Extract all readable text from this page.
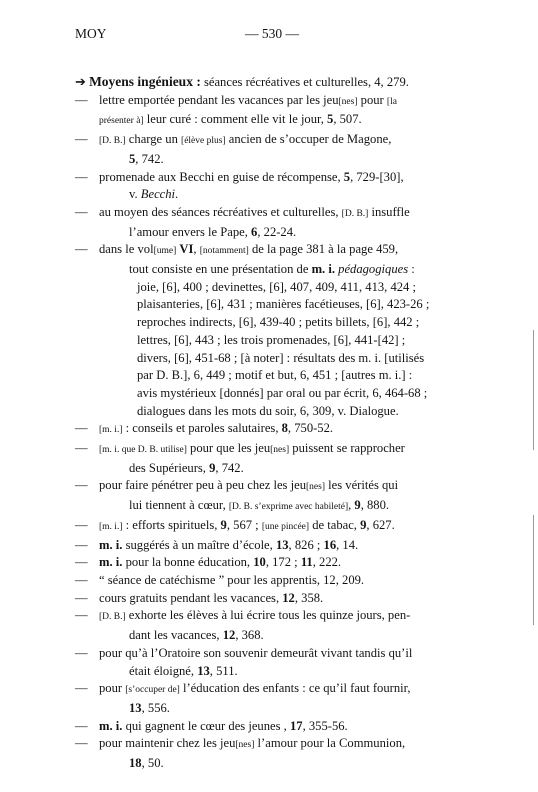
MOY	— 530 —
➔ Moyens ingénieux : séances récréatives et culturelles, 4, 279.
— lettre emportée pendant les vacances par les jeu[nes] pour [la
présenter à] leur curé : comment elle vit le jour, 5, 507.
—	[D. B.] charge un [élève plus] ancien de s’occuper de Magone,

5, 742.
— promenade aux Becchi en guise de récompense, 5, 729-[30],

v. Becchi.
— au moyen des séances récréatives et culturelles, [D. B.] insuffle

l’amour envers le Pape, 6, 22-24.
— dans le vol[ume] VI, [notamment] de la page 381 à la page 459,

tout consiste en une présentation de m. i. pédagogiques :
joie, [6], 400 ; devinettes, [6], 407, 409, 411, 413, 424 ;
plaisanteries, [6], 431 ; manières facétieuses, [6], 423-26 ;
reproches indirects, [6], 439-40 ; petits billets, [6], 442 ;
lettres, [6], 443 ; les trois promenades, [6], 441-[42] ;
divers, [6], 451-68 ; [à noter] : résultats des m. i. [utilisés
par D. B.], 6, 449 ; motif et but, 6, 451 ; [autres m. i.] :
avis mystérieux [donnés] par oral ou par écrit, 6, 464-68 ;
dialogues dans les mots du soir, 6, 309, v. Dialogue.
—	[m. i.] : conseils et paroles salutaires, 8, 750-52.
—	[m. i. que D. B. utilise] pour que les jeu[nes] puissent se rapprocher

des Supérieurs, 9, 742.
— pour faire pénétrer peu à peu chez les jeu[nes] les vérités qui

lui tiennent à cœur, [D. B. s’exprime avec habileté], 9, 880.
—	[m. i.] : efforts spirituels, 9, 567 ; [une pincée] de tabac, 9, 627.
— m. i. suggérés à un maître d’école, 13, 826 ; 16, 14.
— m. i. pour la bonne éducation, 10, 172 ; 11, 222.
— “ séance de catéchisme ” pour les apprentis, 12, 209.
— cours gratuits pendant les vacances, 12, 358.
—	[D. B.] exhorte les élèves à lui écrire tous les quinze jours, pen-

dant les vacances, 12, 368.
— pour qu’à l’Oratoire son souvenir demeurât vivant tandis qu’il

était éloigné, 13, 511.
— pour [s’occuper de] l’éducation des enfants : ce qu’il faut fournir,

13, 556.
— m. i. qui gagnent le cœur des jeunes , 17, 355-56.
— pour maintenir chez les jeu[nes] l’amour pour la Communion,

18, 50.
